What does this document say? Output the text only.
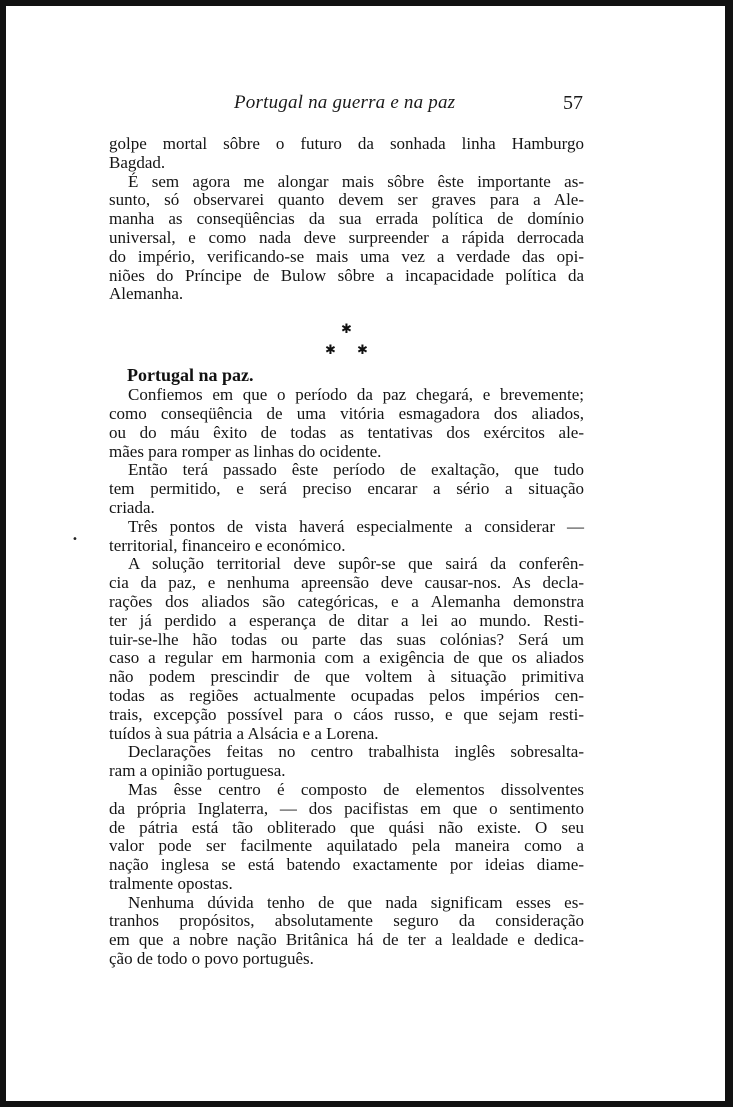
Portugal na guerra e na paz	57
•

golpe mortal sôbre o futuro da sonhada linha Hamburgo

Bagdad.

É sem agora me alongar mais sôbre êste importante as-

sunto, só observarei quanto devem ser graves para a Ale-

manha as conseqüências da sua errada política de domínio

universal, e como nada deve surpreender a rápida derrocada

do império, verificando-se mais uma vez a verdade das opi-

niões do Príncipe de Bulow sôbre a incapacidade política da

Alemanha.

✱
✱ ✱
Portugal na paz.

Confiemos em que o período da paz chegará, e brevemente;

como conseqüência de uma vitória esmagadora dos aliados,

ou do máu êxito de todas as tentativas dos exércitos ale-

mães para romper as linhas do ocidente.

Então terá passado êste período de exaltação, que tudo

tem permitido, e será preciso encarar a sério a situação

criada.

Três pontos de vista haverá especialmente a considerar —

territorial, financeiro e económico.

A solução territorial deve supôr-se que sairá da conferên-

cia da paz, e nenhuma apreensão deve causar-nos. As decla-

rações dos aliados são categóricas, e a Alemanha demonstra

ter já perdido a esperança de ditar a lei ao mundo. Resti-

tuir-se-lhe hão todas ou parte das suas colónias? Será um

caso a regular em harmonia com a exigência de que os aliados

não podem prescindir de que voltem à situação primitiva

todas as regiões actualmente ocupadas pelos impérios cen-

trais, excepção possível para o cáos russo, e que sejam resti-

tuídos à sua pátria a Alsácia e a Lorena.

Declarações feitas no centro trabalhista inglês sobresalta-

ram a opinião portuguesa.

Mas êsse centro é composto de elementos dissolventes

da própria Inglaterra, — dos pacifistas em que o sentimento

de pátria está tão obliterado que quási não existe. O seu

valor pode ser facilmente aquilatado pela maneira como a

nação inglesa se está batendo exactamente por ideias diame-

tralmente opostas.

Nenhuma dúvida tenho de que nada significam esses es-

tranhos propósitos, absolutamente seguro da consideração

em que a nobre nação Britânica há de ter a lealdade e dedica-

ção de todo o povo português.
